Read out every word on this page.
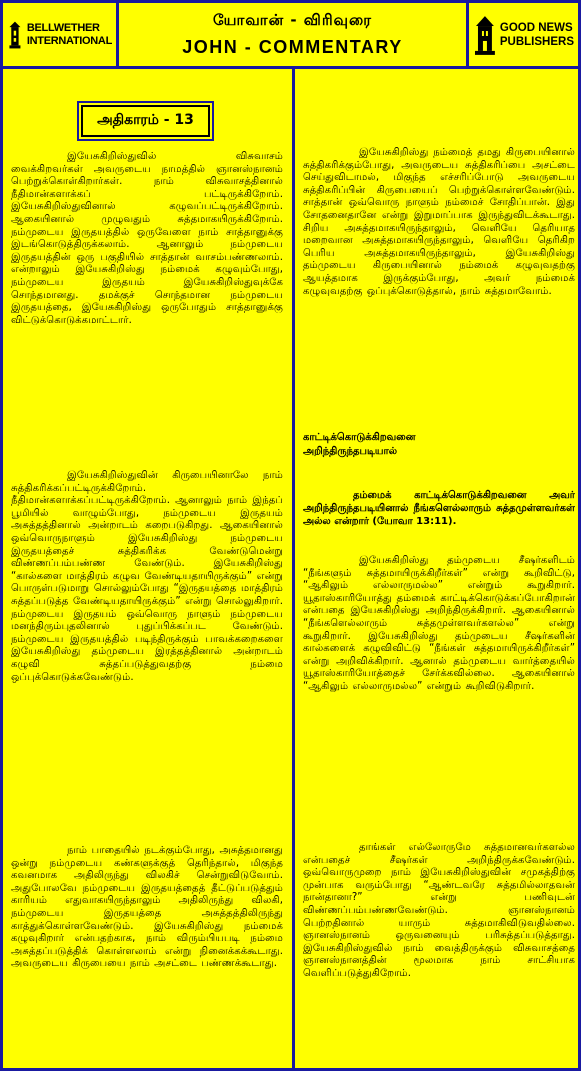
BELLWETHER
INTERNATIONAL
யோவான் - விரிவுரை
JOHN - COMMENTARY
GOOD NEWS
PUBLISHERS
அதிகாரம் - 13

இயேசுகிறிஸ்துவில் விசுவாசம் வைக்கிறவர்கள் அவருடைய நாமத்தில் ஞானஸ்நானம் பெற்றுக்கொள்கிறார்கள். நாம் விசுவாசத்தினால் நீதிமான்களாக்கப் பட்டிருக்கிறோம். இயேசுகிறிஸ்துவினால் கழுவப்பட்டிருக்கிறோம். ஆகையினால் முழுவதும் சுத்தமாகயிருக்கிறோம். நம்முடைய இருதயத்தில் ஒருவேளை நாம் சாத்தானுக்கு இடங்கொடுத்திருக்கலாம். ஆனாலும் நம்முடைய இருதயத்தின் ஒரு பகுதியில் சாத்தான் வாசம்பண்ணலாம். என்றாலும் இயேசுகிறிஸ்து நம்மைக் கழுவும்போது, நம்முடைய இருதயம் இயேசுகிறிஸ்துவுக்கே சொந்தமானது. தமக்குச் சொந்தமான நம்முடைய இருதயத்தை, இயேசுகிறிஸ்து ஒருபோதும் சாத்தானுக்கு விட்டுக்கொடுக்கமாட்டார்.

இயேசுகிறிஸ்துவின் கிருபையினாலே நாம் சுத்திகரிக்கப்பட்டிருக்கிறோம். நீதிமான்களாக்கப்பட்டிருக்கிறோம். ஆனாலும் நாம் இந்தப் பூமியில் வாழும்போது, நம்முடைய இருதயம் அசுத்தத்தினால் அன்றாடம் கறைபடுகிறது. ஆகையினால் ஒவ்வொருநாளும் இயேசுகிறிஸ்து நம்முடைய இருதயத்தைச் சுத்திகரிக்க வேண்டுமென்று விண்ணப்பம்பண்ண வேண்டும். இயேசுகிறிஸ்து “கால்களை மாத்திரம் கழுவ வேண்டியதாயிருக்கும்” என்று பொருள்படுமாறு சொல்லும்போது “இருதயத்தை மாத்திரம் சுத்தப்படுத்த வேண்டியதாயிருக்கும்” என்று சொல்லுகிறார். நம்முடைய இருதயம் ஒவ்வொரு நாளும் நம்முடைய மனந்திரும்புதலினால் புதுப்பிக்கப்பட வேண்டும். நம்முடைய இருதயத்தில் படிந்திருக்கும் பாவக்கறைகளை இயேசுகிறிஸ்து தம்முடைய இரத்தத்தினால் அன்றாடம் கழுவி சுத்தப்படுத்துவதற்கு நம்மை ஒப்புக்கொடுக்கவேண்டும்.

நாம் பாதையில் நடக்கும்போது, அசுத்தமானது ஒன்று நம்முடைய கண்களுக்குத் தெரிந்தால், மிகுந்த கவனமாக அதிலிருந்து விலகிச் சென்றுவிடுவோம். அதுபோலவே நம்முடைய இருதயத்தைத் தீட்டுப்படுத்தும் காரியம் எதுவாகயிருந்தாலும் அதிலிருந்து விலகி, நம்முடைய இருதயத்தை அசுத்தத்திலிருந்து காத்துக்கொள்ளவேண்டும். இயேசுகிறிஸ்து நம்மைக் கழுவுகிறார் என்பதற்காக, நாம் விரும்பியபடி நம்மை அசுத்தப்படுத்திக் கொள்ளலாம் என்று நினைக்கக்கூடாது. அவருடைய கிருபையை நாம் அசட்டை பண்ணக்கூடாது.

இயேசுகிறிஸ்து நம்மைத் தமது கிருபையினால் சுத்திகரிக்கும்போது, அவருடைய சுத்திகரிப்பை அசட்டை செய்துவிடாமல், மிகுந்த எச்சரிப்போடு அவருடைய சுத்திகரிப்பின் கிருபையைப் பெற்றுக்கொள்ளவேண்டும். சாத்தான் ஒவ்வொரு நாளும் நம்மைச் சோதிப்பான். இது சோதனைதானே என்று இறுமாப்பாக இருந்துவிடக்கூடாது. சிறிய அசுத்தமாகயிருந்தாலும், வெளியே தெரியாத மறைவான அசுத்தமாகயிருந்தாலும், வெளியே தெரிகிற பெரிய அசுத்தமாகயிருந்தாலும், இயேசுகிறிஸ்து தம்முடைய கிருபையினால் நம்மைக் கழுவுவதற்கு ஆயத்தமாக இருக்கும்போது, அவர் நம்மைக் கழுவுவதற்கு ஒப்புக்கொடுத்தால், நாம் சுத்தமாவோம்.

காட்டிக்கொடுக்கிறவனை
அறிந்திருந்தபடியால்

தம்மைக் காட்டிக்கொடுக்கிறவனை அவர் அறிந்திருந்தபடியினால் நீங்களெல்லாரும் சுத்தமுள்ளவர்கள் அல்ல என்றார் (யோவா 13:11).

இயேசுகிறிஸ்து தம்முடைய சீஷர்களிடம் “நீங்களும் சுத்தமாயிருக்கிறீர்கள்” என்று கூறிவிட்டு, “ஆகிலும் எல்லாருமல்ல” என்றும் கூறுகிறார். யூதாஸ்காரியோத்து தம்மைக் காட்டிக்கொடுக்கப்போகிறான் என்பதை இயேசுகிறிஸ்து அறிந்திருக்கிறார். ஆகையினால் “நீங்களெல்லாரும் சுத்தமுள்ளவர்களல்ல” என்று கூறுகிறார். இயேசுகிறிஸ்து தம்முடைய சீஷர்களின் கால்களைக் கழுவிவிட்டு “நீங்கள் சுத்தமாயிருக்கிறீர்கள்” என்று அறிவிக்கிறார். ஆனால் தம்முடைய வார்த்தையில் யூதாஸ்காரியோத்தைச் சேர்க்கவில்லை. ஆகையினால் “ஆகிலும் எல்லாருமல்ல” என்றும் கூறிவிடுகிறார்.

தாங்கள் எல்லோருமே சுத்தமானவர்களல்ல என்பதைச் சீஷர்கள் அறிந்திருக்கவேண்டும். ஒவ்வொருமுறை நாம் இயேசுகிறிஸ்துவின் சமுகத்திற்கு முன்பாக வரும்போது “ஆண்டவரே சுத்தமில்லாதவன் நான்தானா?” என்று பணிவுடன் விண்ணப்பம்பண்ணவேண்டும். ஞானஸ்நானம் பெற்றதினால் யாரும் சுத்தமாகிவிடுவதில்லை. ஞானஸ்நானம் ஒருவனையும் பரிசுத்தப்படுத்தாது. இயேசுகிறிஸ்துவில் நாம் வைத்திருக்கும் விசுவாசத்தை ஞானஸ்நானத்தின் மூலமாக நாம் சாட்சியாக வெளிப்படுத்துகிறோம்.
